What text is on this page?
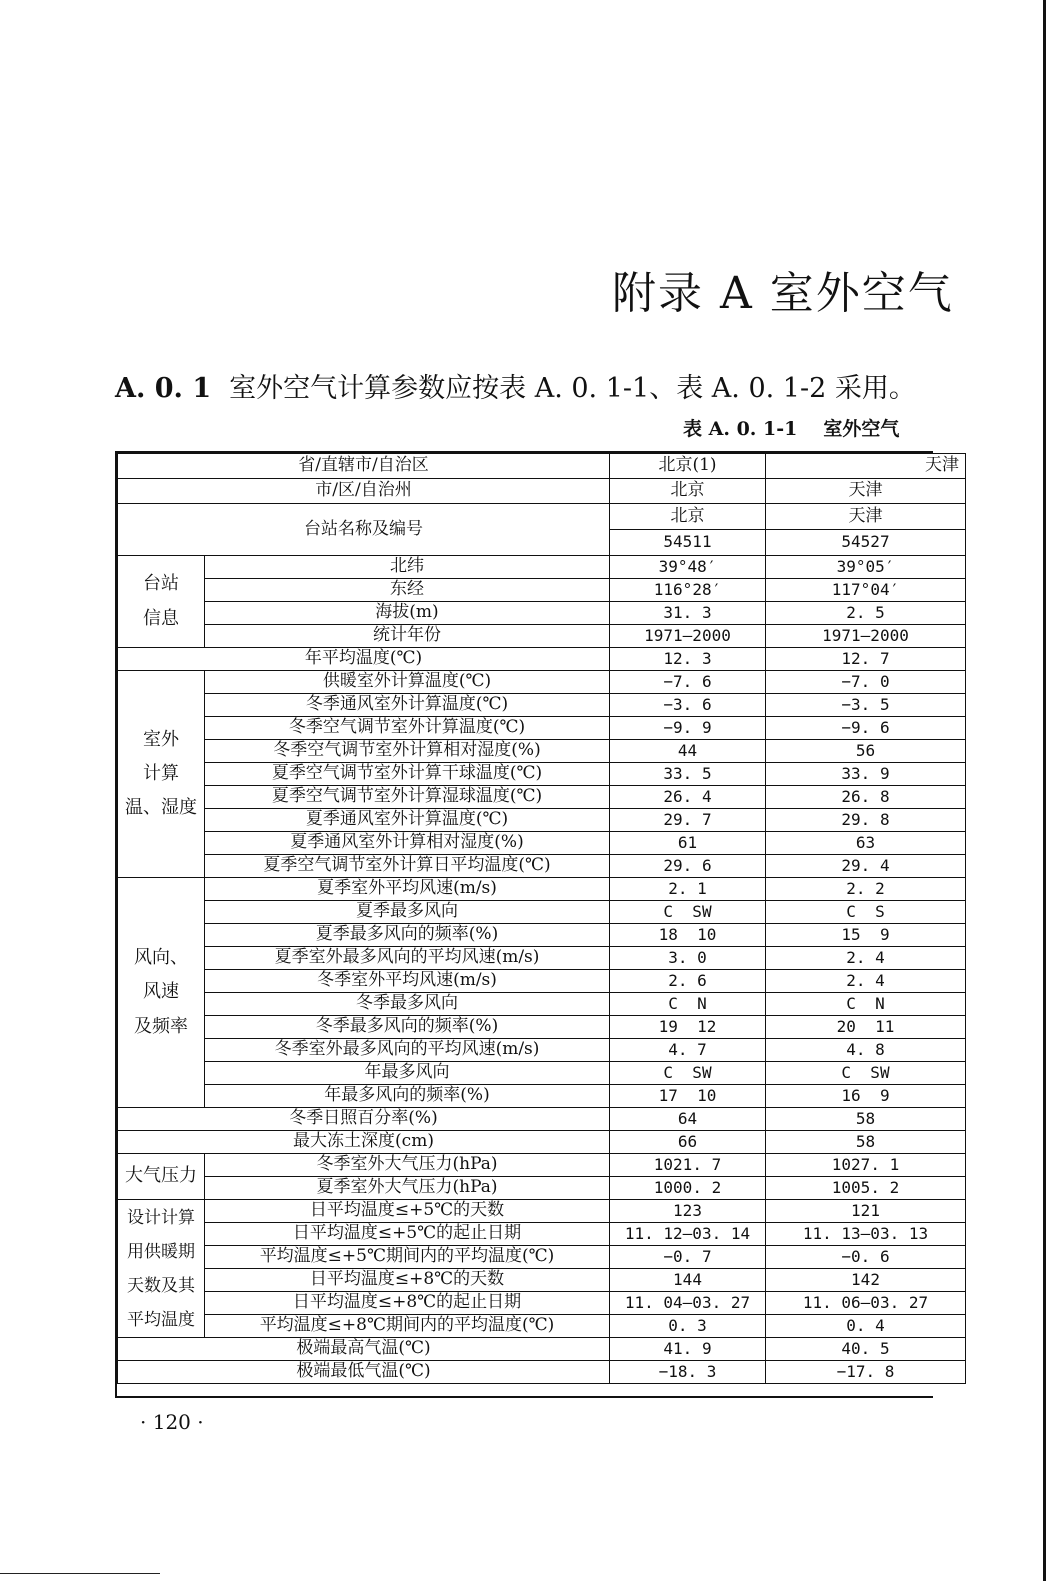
附录 A 室外空气
A. 0. 1 室外空气计算参数应按表 A. 0. 1-1、表 A. 0. 1-2 采用。
表 A. 0. 1-1 室外空气
省/直辖市/自治区		北京(1)	天津
市/区/自治州		北京	天津
台站名称及编号		北京	天津
		54511	54527
台站
信息	北纬	39°48′	39°05′
	东经	116°28′	117°04′
	海拔(m)	31. 3	2. 5
	统计年份	1971—2000	1971—2000
年平均温度(℃)		12. 3	12. 7
室外
计算
温、湿度	供暖室外计算温度(℃)	−7. 6	−7. 0
	冬季通风室外计算温度(℃)	−3. 6	−3. 5
	冬季空气调节室外计算温度(℃)	−9. 9	−9. 6
	冬季空气调节室外计算相对湿度(%)	44	56
	夏季空气调节室外计算干球温度(℃)	33. 5	33. 9
	夏季空气调节室外计算湿球温度(℃)	26. 4	26. 8
	夏季通风室外计算温度(℃)	29. 7	29. 8
	夏季通风室外计算相对湿度(%)	61	63
	夏季空气调节室外计算日平均温度(℃)	29. 6	29. 4
风向、
风速
及频率	夏季室外平均风速(m/s)	2. 1	2. 2
	夏季最多风向	C  SW	C  S
	夏季最多风向的频率(%)	18  10	15  9
	夏季室外最多风向的平均风速(m/s)	3. 0	2. 4
	冬季室外平均风速(m/s)	2. 6	2. 4
	冬季最多风向	C  N	C  N
	冬季最多风向的频率(%)	19  12	20  11
	冬季室外最多风向的平均风速(m/s)	4. 7	4. 8
	年最多风向	C  SW	C  SW
	年最多风向的频率(%)	17  10	16  9
冬季日照百分率(%)		64	58
最大冻土深度(cm)		66	58
大气压力	冬季室外大气压力(hPa)	1021. 7	1027. 1
	夏季室外大气压力(hPa)	1000. 2	1005. 2
设计计算
用供暖期
天数及其
平均温度	日平均温度≤+5℃的天数	123	121
	日平均温度≤+5℃的起止日期	11. 12—03. 14	11. 13—03. 13
	平均温度≤+5℃期间内的平均温度(℃)	−0. 7	−0. 6
	日平均温度≤+8℃的天数	144	142
	日平均温度≤+8℃的起止日期	11. 04—03. 27	11. 06—03. 27
	平均温度≤+8℃期间内的平均温度(℃)	0. 3	0. 4
极端最高气温(℃)		41. 9	40. 5
极端最低气温(℃)		−18. 3	−17. 8
· 120 ·
